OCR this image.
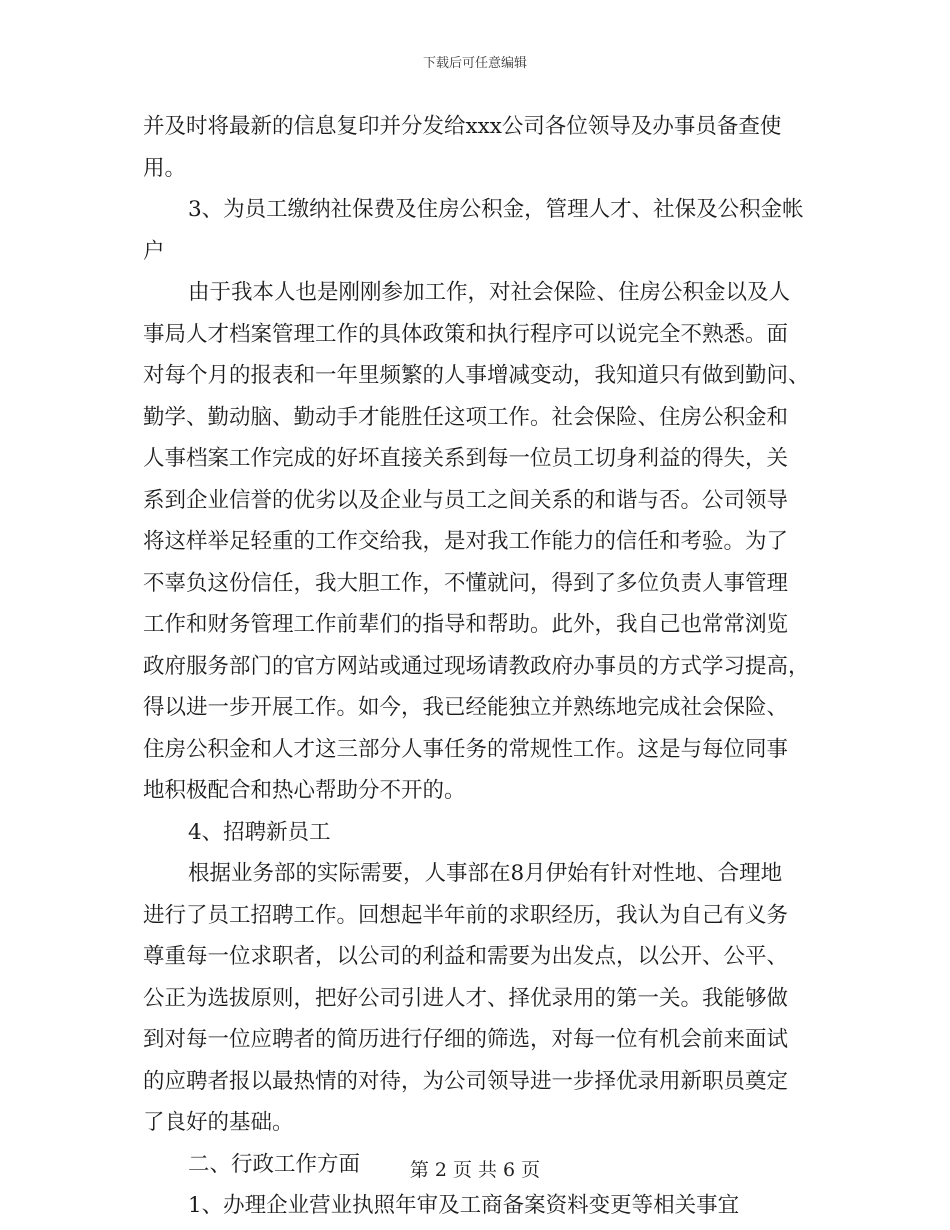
下载后可任意编辑
并及时将最新的信息复印并分发给xxx公司各位领导及办事员备查使
用。
3、为员工缴纳社保费及住房公积金，管理人才、社保及公积金帐
户
由于我本人也是刚刚参加工作，对社会保险、住房公积金以及人
事局人才档案管理工作的具体政策和执行程序可以说完全不熟悉。面
对每个月的报表和一年里频繁的人事增减变动，我知道只有做到勤问、
勤学、勤动脑、勤动手才能胜任这项工作。社会保险、住房公积金和
人事档案工作完成的好坏直接关系到每一位员工切身利益的得失，关
系到企业信誉的优劣以及企业与员工之间关系的和谐与否。公司领导
将这样举足轻重的工作交给我，是对我工作能力的信任和考验。为了
不辜负这份信任，我大胆工作，不懂就问，得到了多位负责人事管理
工作和财务管理工作前辈们的指导和帮助。此外，我自己也常常浏览
政府服务部门的官方网站或通过现场请教政府办事员的方式学习提高，
得以进一步开展工作。如今，我已经能独立并熟练地完成社会保险、
住房公积金和人才这三部分人事任务的常规性工作。这是与每位同事
地积极配合和热心帮助分不开的。
4、招聘新员工
根据业务部的实际需要，人事部在8月伊始有针对性地、合理地
进行了员工招聘工作。回想起半年前的求职经历，我认为自己有义务
尊重每一位求职者，以公司的利益和需要为出发点，以公开、公平、
公正为选拔原则，把好公司引进人才、择优录用的第一关。我能够做
到对每一位应聘者的简历进行仔细的筛选，对每一位有机会前来面试
的应聘者报以最热情的对待，为公司领导进一步择优录用新职员奠定
了良好的基础。
二、行政工作方面
1、办理企业营业执照年审及工商备案资料变更等相关事宜
第 2 页 共 6 页
